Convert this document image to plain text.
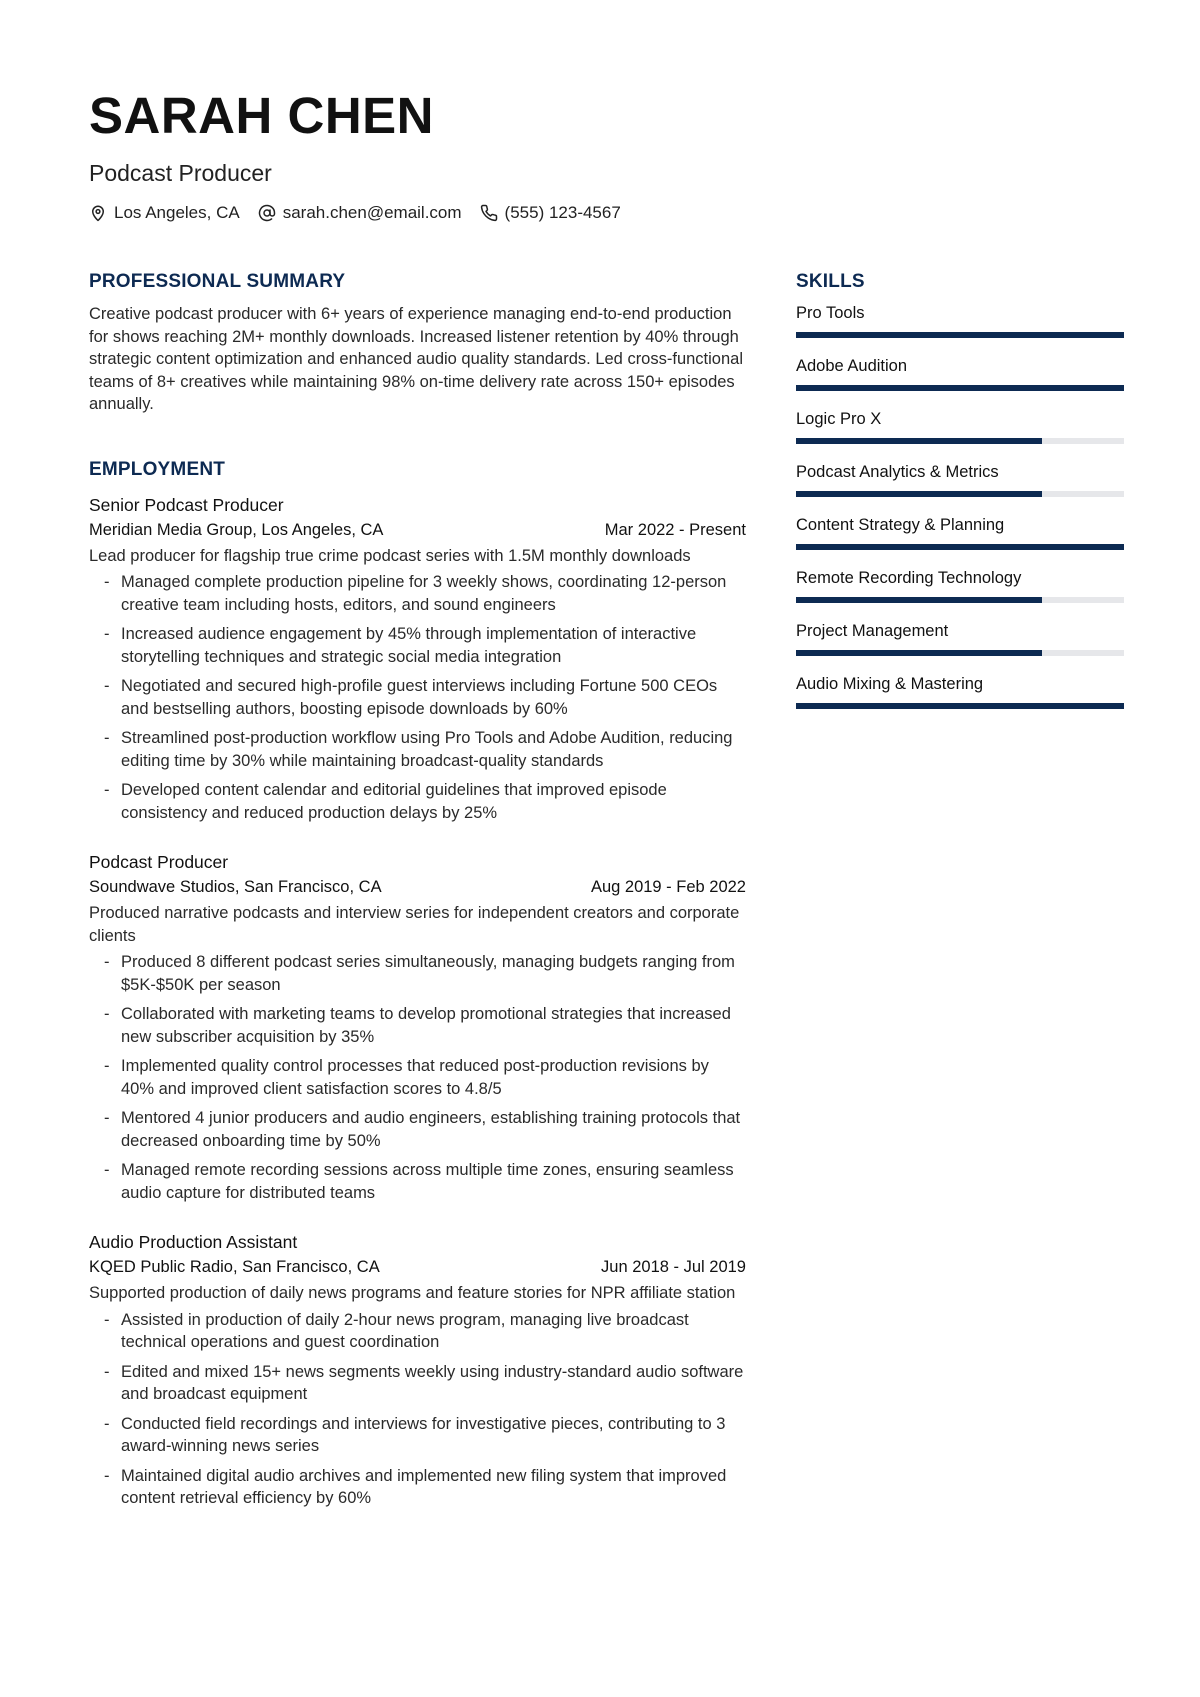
SARAH CHEN
Podcast Producer
Los Angeles, CA	sarah.chen@email.com	(555) 123-4567
PROFESSIONAL SUMMARY

Creative podcast producer with 6+ years of experience managing end-to-end production for shows reaching 2M+ monthly downloads. Increased listener retention by 40% through strategic content optimization and enhanced audio quality standards. Led cross-functional teams of 8+ creatives while maintaining 98% on-time delivery rate across 150+ episodes annually.

EMPLOYMENT
Senior Podcast Producer
Meridian Media Group, Los Angeles, CA	Mar 2022 - Present

Lead producer for flagship true crime podcast series with 1.5M monthly downloads

- Managed complete production pipeline for 3 weekly shows, coordinating 12-person creative team including hosts, editors, and sound engineers
- Increased audience engagement by 45% through implementation of interactive storytelling techniques and strategic social media integration
- Negotiated and secured high-profile guest interviews including Fortune 500 CEOs and bestselling authors, boosting episode downloads by 60%
- Streamlined post-production workflow using Pro Tools and Adobe Audition, reducing editing time by 30% while maintaining broadcast-quality standards
- Developed content calendar and editorial guidelines that improved episode consistency and reduced production delays by 25%
Podcast Producer
Soundwave Studios, San Francisco, CA	Aug 2019 - Feb 2022

Produced narrative podcasts and interview series for independent creators and corporate clients

- Produced 8 different podcast series simultaneously, managing budgets ranging from $5K-$50K per season
- Collaborated with marketing teams to develop promotional strategies that increased new subscriber acquisition by 35%
- Implemented quality control processes that reduced post-production revisions by 40% and improved client satisfaction scores to 4.8/5
- Mentored 4 junior producers and audio engineers, establishing training protocols that decreased onboarding time by 50%
- Managed remote recording sessions across multiple time zones, ensuring seamless audio capture for distributed teams
Audio Production Assistant
KQED Public Radio, San Francisco, CA	Jun 2018 - Jul 2019

Supported production of daily news programs and feature stories for NPR affiliate station

- Assisted in production of daily 2-hour news program, managing live broadcast technical operations and guest coordination
- Edited and mixed 15+ news segments weekly using industry-standard audio software and broadcast equipment
- Conducted field recordings and interviews for investigative pieces, contributing to 3 award-winning news series
- Maintained digital audio archives and implemented new filing system that improved content retrieval efficiency by 60%
SKILLS
Pro Tools
Adobe Audition
Logic Pro X
Podcast Analytics & Metrics
Content Strategy & Planning
Remote Recording Technology
Project Management
Audio Mixing & Mastering
